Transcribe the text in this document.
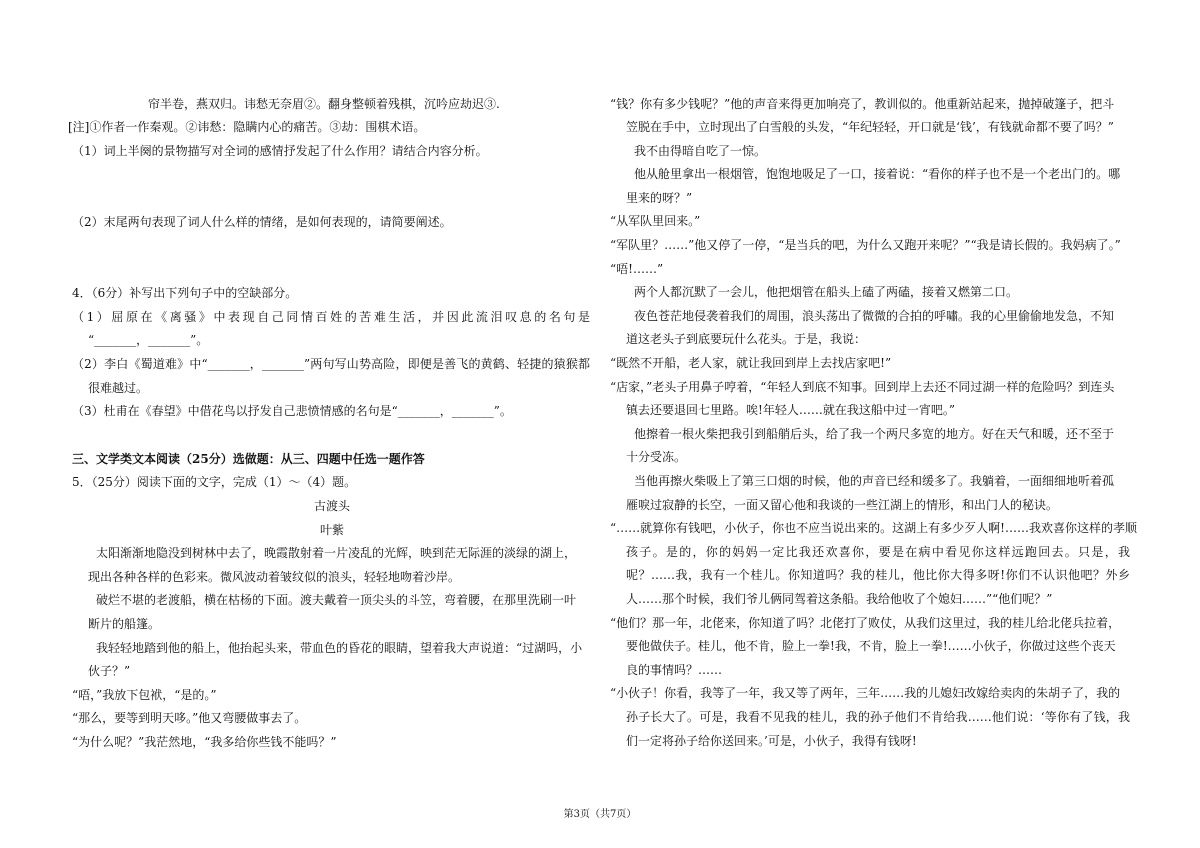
帘半卷，燕双归。讳愁无奈眉②。翻身整顿着残棋，沉吟应劫迟③.
[注]①作者一作秦观。②讳愁：隐瞒内心的痛苦。③劫：围棋术语。
（1）词上半阕的景物描写对全词的感情抒发起了什么作用？请结合内容分析。
（2）末尾两句表现了词人什么样的情绪，是如何表现的，请简要阐述。
4．（6分）补写出下列句子中的空缺部分。
（1）屈原在《离骚》中表现自己同情百姓的苦难生活，并因此流泪叹息的名句是
“_______，_______”。
（2）李白《蜀道难》中“_______，_______”两句写山势高险，即便是善飞的黄鹤、轻捷的猿猴都
很难越过。
（3）杜甫在《春望》中借花鸟以抒发自己悲愤情感的名句是“_______，_______”。
三、文学类文本阅读（25分）选做题：从三、四题中任选一题作答
5．（25分）阅读下面的文字，完成（1）～（4）题。
古渡头
叶紫
太阳渐渐地隐没到树林中去了，晚霞散射着一片凌乱的光辉，映到茫无际涯的淡绿的湖上，
现出各种各样的色彩来。微风波动着皱纹似的浪头，轻轻地吻着沙岸。
破烂不堪的老渡船，横在枯杨的下面。渡夫戴着一顶尖头的斗笠，弯着腰，在那里洗刷一叶
断片的船篷。
我轻轻地踏到他的船上，他抬起头来，带血色的昏花的眼睛，望着我大声说道：“过湖吗，小
伙子？”
“唔，”我放下包袱，“是的。”
“那么，要等到明天哆。”他又弯腰做事去了。
“为什么呢？”我茫然地，“我多给你些钱不能吗？”
“钱？你有多少钱呢？”他的声音来得更加响亮了，教训似的。他重新站起来，抛掉破篷子，把斗
笠脱在手中，立时现出了白雪般的头发，“年纪轻轻，开口就是‘钱’，有钱就命都不要了吗？”
我不由得暗自吃了一惊。
他从舱里拿出一根烟管，饱饱地吸足了一口，接着说：“看你的样子也不是一个老出门的。哪
里来的呀？”
“从军队里回来。”
“军队里？……”他又停了一停，“是当兵的吧，为什么又跑开来呢？”“我是请长假的。我妈病了。”
“唔!……”
两个人都沉默了一会儿，他把烟管在船头上磕了两磕，接着又燃第二口。
夜色苍茫地侵袭着我们的周围，浪头荡出了微微的合拍的呼嘯。我的心里偷偷地发急，不知
道这老头子到底要玩什么花头。于是，我说：
“既然不开船，老人家，就让我回到岸上去找店家吧!”
“店家，”老头子用鼻子哼着，“年轻人到底不知事。回到岸上去还不同过湖一样的危险吗？到连头
镇去还要退回七里路。唉!年轻人……就在我这船中过一宵吧。”
他擦着一根火柴把我引到船艄后头，给了我一个两尺多宽的地方。好在天气和暖，还不至于
十分受冻。
当他再擦火柴吸上了第三口烟的时候，他的声音已经和缓多了。我躺着，一面细细地听着孤
雁唳过寂静的长空，一面又留心他和我谈的一些江湖上的情形，和出门人的秘诀。
“……就算你有钱吧，小伙子，你也不应当说出来的。这湖上有多少歹人啊!……我欢喜你这样的孝顺
孩子。是的，你的妈妈一定比我还欢喜你，要是在病中看见你这样远跑回去。只是，我
呢？……我，我有一个桂儿。你知道吗？我的桂儿，他比你大得多呀!你们不认识他吧？外乡
人……那个时候，我们爷儿俩同驾着这条船。我给他收了个媳妇……”“他们呢？”
“他们？那一年，北佬来，你知道了吗？北佬打了败仗，从我们这里过，我的桂儿给北佬兵拉着，
要他做伕子。桂儿，他不肯，脸上一拳!我，不肯，脸上一拳!……小伙子，你做过这些个丧天
良的事情吗？……
“小伙子！你看，我等了一年，我又等了两年，三年……我的儿媳妇改嫁给卖肉的朱胡子了，我的
孙子长大了。可是，我看不见我的桂儿，我的孙子他们不肯给我……他们说：‘等你有了钱，我
们一定将孙子给你送回来。’可是，小伙子，我得有钱呀!
第3页（共7页）
